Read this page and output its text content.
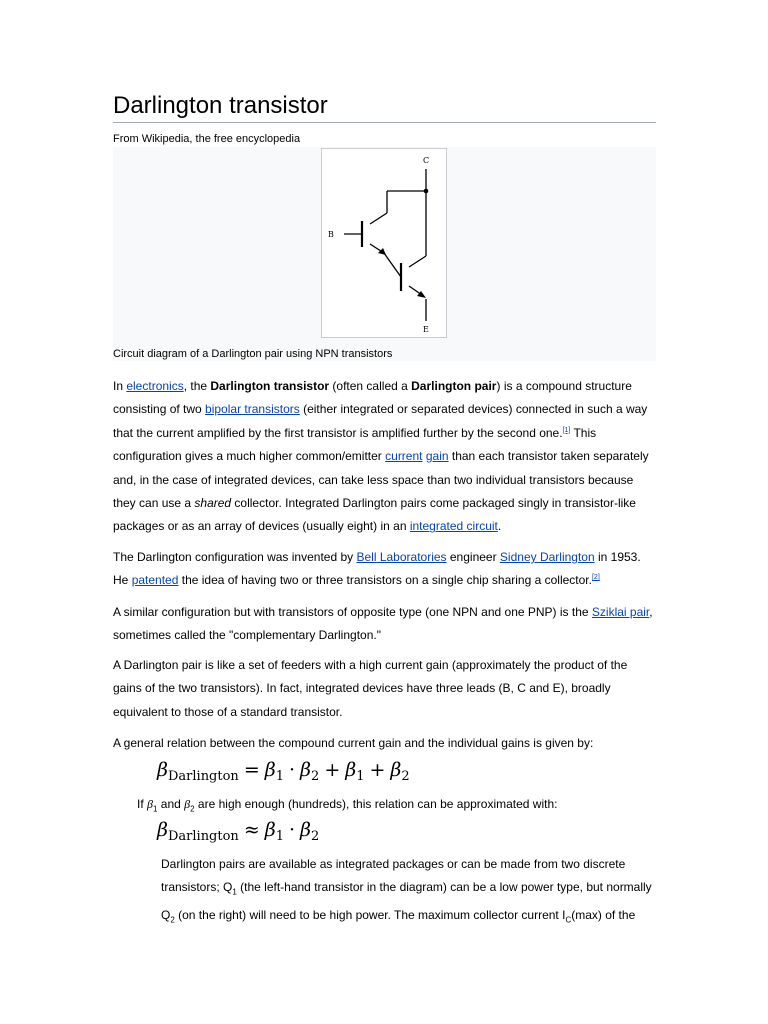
Darlington transistor
From Wikipedia, the free encyclopedia
C
B
E
Circuit diagram of a Darlington pair using NPN transistors

In electronics, the Darlington transistor (often called a Darlington pair) is a compound structure consisting of two bipolar transistors (either integrated or separated devices) connected in such a way that the current amplified by the first transistor is amplified further by the second one.[1] This configuration gives a much higher common/emitter current gain than each transistor taken separately and, in the case of integrated devices, can take less space than two individual transistors because they can use a shared collector. Integrated Darlington pairs come packaged singly in transistor-like packages or as an array of devices (usually eight) in an integrated circuit.

The Darlington configuration was invented by Bell Laboratories engineer Sidney Darlington in 1953. He patented the idea of having two or three transistors on a single chip sharing a collector.[2]

A similar configuration but with transistors of opposite type (one NPN and one PNP) is the Sziklai pair, sometimes called the "complementary Darlington."

A Darlington pair is like a set of feeders with a high current gain (approximately the product of the gains of the two transistors). In fact, integrated devices have three leads (B, C and E), broadly equivalent to those of a standard transistor.

A general relation between the compound current gain and the individual gains is given by:

$\beta_{Darlington} = \beta_1 \cdot \beta_2 + \beta_1 + \beta_2$
If $\beta_1$ and $\beta_2$ are high enough (hundreds), this relation can be approximated with:
$\beta_{Darlington} \approx \beta_1 \cdot \beta_2$

Darlington pairs are available as integrated packages or can be made from two discrete transistors; $Q_1$ (the left-hand transistor in the diagram) can be a low power type, but normally $Q_2$ (on the right) will need to be high power. The maximum collector current $I_C(\max)$ of the
